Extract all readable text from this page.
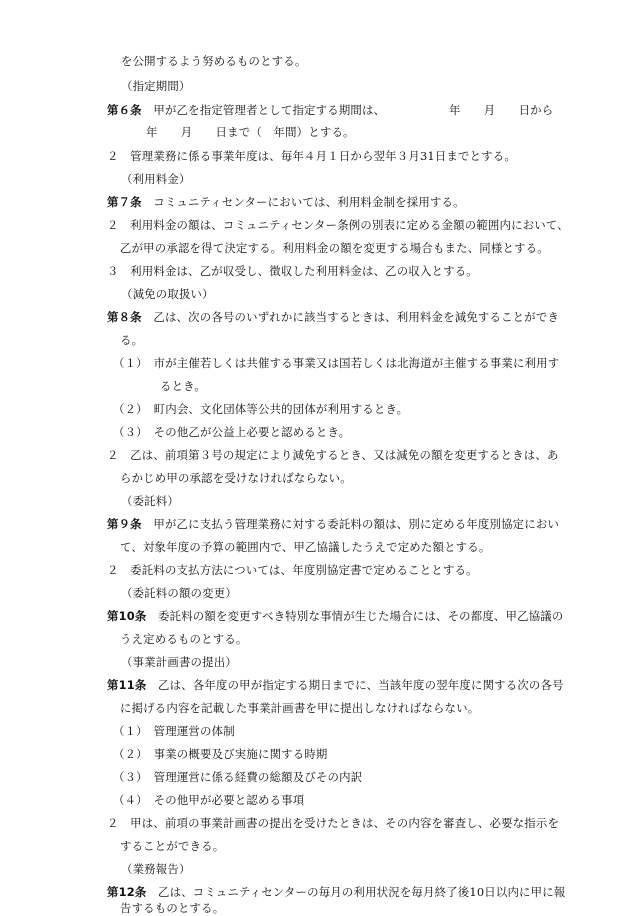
を公開するよう努めるものとする。
（指定期間）
第６条　甲が乙を指定管理者として指定する期間は、　　　　　　年　　月　　日から
年　　月　　日まで（　年間）とする。
２　管理業務に係る事業年度は、毎年４月１日から翌年３月31日までとする。
（利用料金）
第７条　コミュニティセンターにおいては、利用料金制を採用する。
２　利用料金の額は、コミュニティセンター条例の別表に定める金額の範囲内において、
乙が甲の承認を得て決定する。利用料金の額を変更する場合もまた、同様とする。
３　利用料金は、乙が収受し、徴収した利用料金は、乙の収入とする。
（減免の取扱い）
第８条　乙は、次の各号のいずれかに該当するときは、利用料金を減免することができ
る。
（１）　市が主催若しくは共催する事業又は国若しくは北海道が主催する事業に利用す
るとき。
（２）　町内会、文化団体等公共的団体が利用するとき。
（３）　その他乙が公益上必要と認めるとき。
２　乙は、前項第３号の規定により減免するとき、又は減免の額を変更するときは、あ
らかじめ甲の承認を受けなければならない。
（委託料）
第９条　甲が乙に支払う管理業務に対する委託料の額は、別に定める年度別協定におい
て、対象年度の予算の範囲内で、甲乙協議したうえで定めた額とする。
２　委託料の支払方法については、年度別協定書で定めることとする。
（委託料の額の変更）
第10条　委託料の額を変更すべき特別な事情が生じた場合には、その都度、甲乙協議の
うえ定めるものとする。
（事業計画書の提出）
第11条　乙は、各年度の甲が指定する期日までに、当該年度の翌年度に関する次の各号
に掲げる内容を記載した事業計画書を甲に提出しなければならない。
（１）　管理運営の体制
（２）　事業の概要及び実施に関する時期
（３）　管理運営に係る経費の総額及びその内訳
（４）　その他甲が必要と認める事項
２　甲は、前項の事業計画書の提出を受けたときは、その内容を審査し、必要な指示を
することができる。
（業務報告）
第12条　乙は、コミュニティセンターの毎月の利用状況を毎月終了後10日以内に甲に報
告するものとする。
